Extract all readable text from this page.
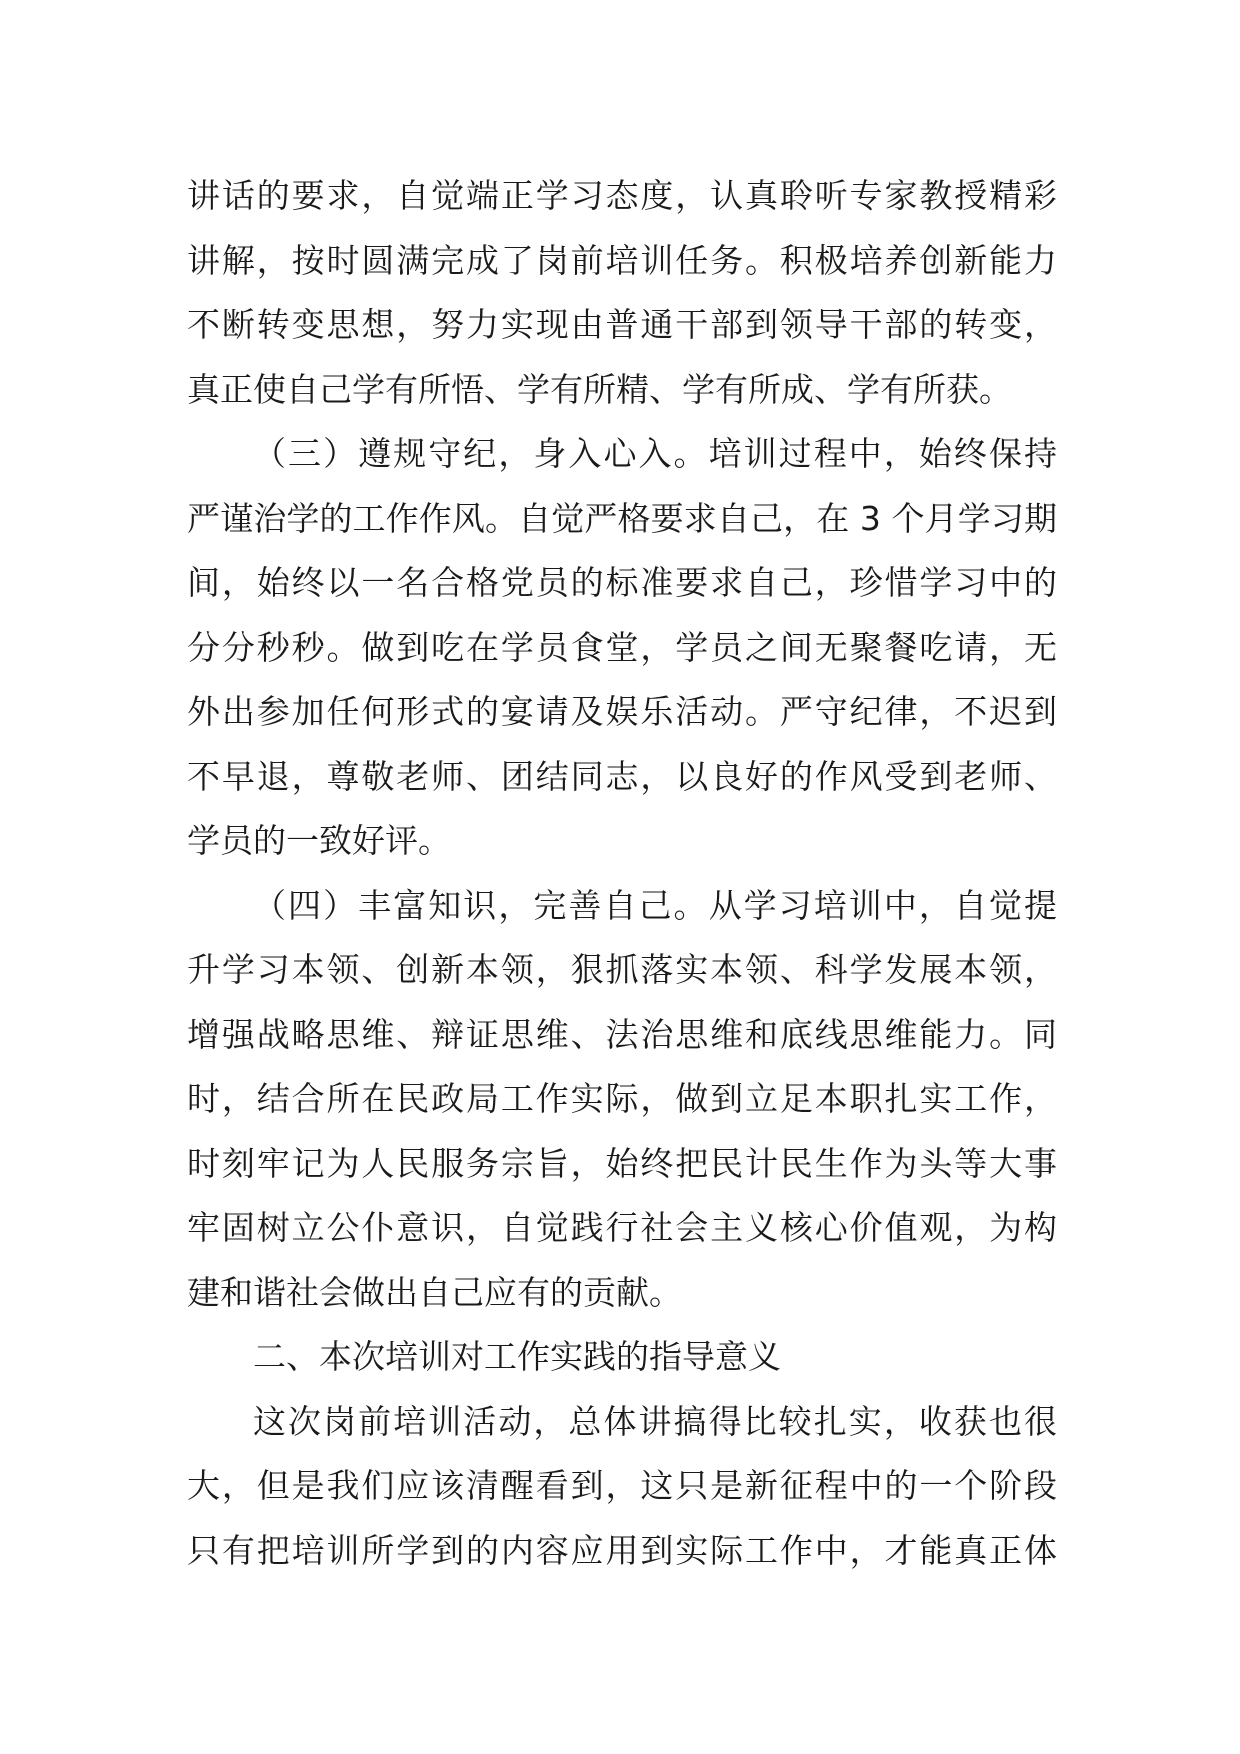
讲话的要求，自觉端正学习态度，认真聆听专家教授精彩
讲解，按时圆满完成了岗前培训任务。积极培养创新能力
不断转变思想，努力实现由普通干部到领导干部的转变，
真正使自己学有所悟、学有所精、学有所成、学有所获。
（三）遵规守纪，身入心入。培训过程中，始终保持
严谨治学的工作作风。自觉严格要求自己，在 3 个月学习期
间，始终以一名合格党员的标准要求自己，珍惜学习中的
分分秒秒。做到吃在学员食堂，学员之间无聚餐吃请，无
外出参加任何形式的宴请及娱乐活动。严守纪律，不迟到
不早退，尊敬老师、团结同志，以良好的作风受到老师、
学员的一致好评。
（四）丰富知识，完善自己。从学习培训中，自觉提
升学习本领、创新本领，狠抓落实本领、科学发展本领，
增强战略思维、辩证思维、法治思维和底线思维能力。同
时，结合所在民政局工作实际，做到立足本职扎实工作，
时刻牢记为人民服务宗旨，始终把民计民生作为头等大事
牢固树立公仆意识，自觉践行社会主义核心价值观，为构
建和谐社会做出自己应有的贡献。
二、本次培训对工作实践的指导意义
这次岗前培训活动，总体讲搞得比较扎实，收获也很
大，但是我们应该清醒看到，这只是新征程中的一个阶段
只有把培训所学到的内容应用到实际工作中，才能真正体
